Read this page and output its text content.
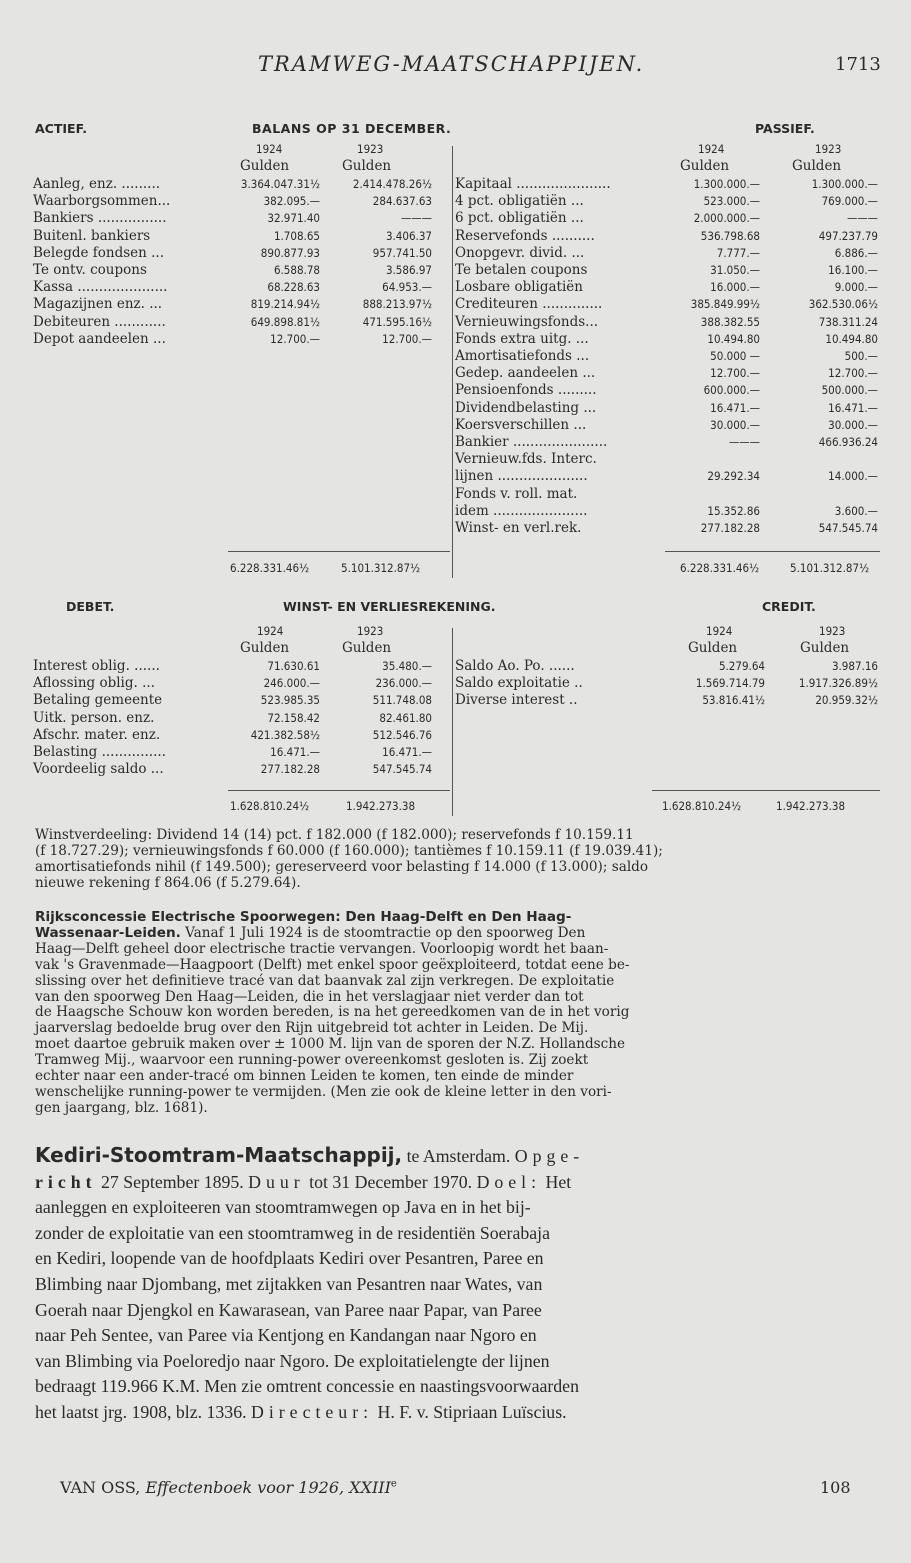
TRAMWEG-MAATSCHAPPIJEN.	1713
ACTIEF.	BALANS OP 31 DECEMBER.	PASSIEF.
1924	1923	1924	1923
Gulden	Gulden	Gulden	Gulden
Aanleg, enz. .........	3.364.047.31½	2.414.478.26½
Waarborgsommen...	382.095.—	284.637.63
Bankiers ................	32.971.40	———
Buitenl. bankiers	1.708.65	3.406.37
Belegde fondsen ...	890.877.93	957.741.50
Te ontv. coupons	6.588.78	3.586.97
Kassa .....................	68.228.63	64.953.—
Magazijnen enz. ...	819.214.94½	888.213.97½
Debiteuren ............	649.898.81½	471.595.16½
Depot aandeelen ...	12.700.—	12.700.—
Kapitaal ......................	1.300.000.—	1.300.000.—
4 pct. obligatiën ...	523.000.—	769.000.—
6 pct. obligatiën ...	2.000.000.—	———
Reservefonds ..........	536.798.68	497.237.79
Onopgevr. divid. ...	7.777.—	6.886.—
Te betalen coupons	31.050.—	16.100.—
Losbare obligatiën	16.000.—	9.000.—
Crediteuren ..............	385.849.99½	362.530.06½
Vernieuwingsfonds...	388.382.55	738.311.24
Fonds extra uitg. ...	10.494.80	10.494.80
Amortisatiefonds ...	50.000 —	500.—
Gedep. aandeelen ...	12.700.—	12.700.—
Pensioenfonds .........	600.000.—	500.000.—
Dividendbelasting ...	16.471.—	16.471.—
Koersverschillen ...	30.000.—	30.000.—
Bankier ......................	———	466.936.24
Vernieuw.fds. Interc.
lijnen .....................	29.292.34	14.000.—
Fonds v. roll. mat.
idem ......................	15.352.86	3.600.—
Winst- en verl.rek.	277.182.28	547.545.74
6.228.331.46½	5.101.312.87½	6.228.331.46½	5.101.312.87½
DEBET.	WINST- EN VERLIESREKENING.	CREDIT.
1924	1923	1924	1923
Gulden	Gulden	Gulden	Gulden
Interest oblig. ......	71.630.61	35.480.—
Aflossing oblig. ...	246.000.—	236.000.—
Betaling gemeente	523.985.35	511.748.08
Uitk. person. enz.	72.158.42	82.461.80
Afschr. mater. enz.	421.382.58½	512.546.76
Belasting ...............	16.471.—	16.471.—
Voordeelig saldo ...	277.182.28	547.545.74
Saldo Ao. Po. ......	5.279.64	3.987.16
Saldo exploitatie ..	1.569.714.79	1.917.326.89½
Diverse interest ..	53.816.41½	20.959.32½
1.628.810.24½	1.942.273.38	1.628.810.24½	1.942.273.38

Winstverdeeling: Dividend 14 (14) pct. f 182.000 (f 182.000); reservefonds f 10.159.11

(f 18.727.29); vernieuwingsfonds f 60.000 (f 160.000); tantièmes f 10.159.11 (f 19.039.41);

amortisatiefonds nihil (f 149.500); gereserveerd voor belasting f 14.000 (f 13.000); saldo

nieuwe rekening f 864.06 (f 5.279.64).

Rijksconcessie Electrische Spoorwegen: Den Haag-Delft en Den Haag-

Wassenaar-Leiden. Vanaf 1 Juli 1924 is de stoomtractie op den spoorweg Den

Haag—Delft geheel door electrische tractie vervangen. Voorloopig wordt het baan-

vak 's Gravenmade—Haagpoort (Delft) met enkel spoor geëxploiteerd, totdat eene be-

slissing over het definitieve tracé van dat baanvak zal zijn verkregen. De exploitatie

van den spoorweg Den Haag—Leiden, die in het verslagjaar niet verder dan tot

de Haagsche Schouw kon worden bereden, is na het gereedkomen van de in het vorig

jaarverslag bedoelde brug over den Rijn uitgebreid tot achter in Leiden. De Mij.

moet daartoe gebruik maken over ± 1000 M. lijn van de sporen der N.Z. Hollandsche

Tramweg Mij., waarvoor een running-power overeenkomst gesloten is. Zij zoekt

echter naar een ander-tracé om binnen Leiden te komen, ten einde de minder

wenschelijke running-power te vermijden. (Men zie ook de kleine letter in den vori-

gen jaargang, blz. 1681).

Kediri-Stoomtram-Maatschappij, te Amsterdam. Opge-
richt 27 September 1895. Duur tot 31 December 1970. Doel: Het
aanleggen en exploiteeren van stoomtramwegen op Java en in het bij-
zonder de exploitatie van een stoomtramweg in de residentiën Soerabaja
en Kediri, loopende van de hoofdplaats Kediri over Pesantren, Paree en
Blimbing naar Djombang, met zijtakken van Pesantren naar Wates, van
Goerah naar Djengkol en Kawarasean, van Paree naar Papar, van Paree
naar Peh Sentee, van Paree via Kentjong en Kandangan naar Ngoro en
van Blimbing via Poeloredjo naar Ngoro. De exploitatielengte der lijnen
bedraagt 119.966 K.M. Men zie omtrent concessie en naastingsvoorwaarden
het laatst jrg. 1908, blz. 1336. Directeur: H. F. v. Stipriaan Luïscius.
VAN OSS, Effectenboek voor 1926, XXIIIe	108
